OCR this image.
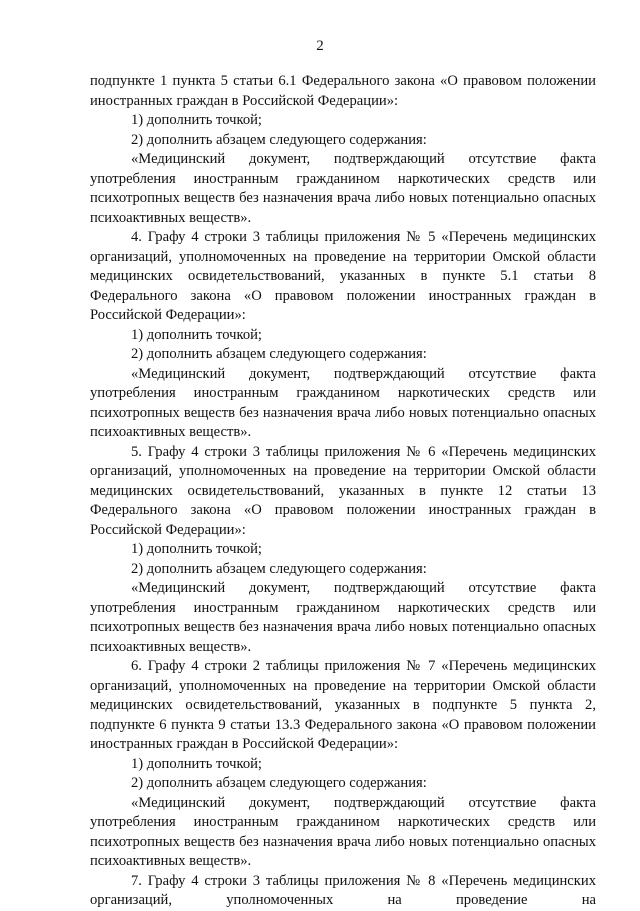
2

подпункте 1 пункта 5 статьи 6.1 Федерального закона «О правовом положении иностранных граждан в Российской Федерации»:

1) дополнить точкой;

2) дополнить абзацем следующего содержания:

«Медицинский документ, подтверждающий отсутствие факта употребления иностранным гражданином наркотических средств или психотропных веществ без назначения врача либо новых потенциально опасных психоактивных веществ».

4. Графу 4 строки 3 таблицы приложения № 5 «Перечень медицинских организаций, уполномоченных на проведение на территории Омской области медицинских освидетельствований, указанных в пункте 5.1 статьи 8 Федерального закона «О правовом положении иностранных граждан в Российской Федерации»:

1) дополнить точкой;

2) дополнить абзацем следующего содержания:

«Медицинский документ, подтверждающий отсутствие факта употребления иностранным гражданином наркотических средств или психотропных веществ без назначения врача либо новых потенциально опасных психоактивных веществ».

5. Графу 4 строки 3 таблицы приложения № 6 «Перечень медицинских организаций, уполномоченных на проведение на территории Омской области медицинских освидетельствований, указанных в пункте 12 статьи 13 Федерального закона «О правовом положении иностранных граждан в Российской Федерации»:

1) дополнить точкой;

2) дополнить абзацем следующего содержания:

«Медицинский документ, подтверждающий отсутствие факта употребления иностранным гражданином наркотических средств или психотропных веществ без назначения врача либо новых потенциально опасных психоактивных веществ».

6. Графу 4 строки 2 таблицы приложения № 7 «Перечень медицинских организаций, уполномоченных на проведение на территории Омской области медицинских освидетельствований, указанных в подпункте 5 пункта 2, подпункте 6 пункта 9 статьи 13.3 Федерального закона «О правовом положении иностранных граждан в Российской Федерации»:

1) дополнить точкой;

2) дополнить абзацем следующего содержания:

«Медицинский документ, подтверждающий отсутствие факта употребления иностранным гражданином наркотических средств или психотропных веществ без назначения врача либо новых потенциально опасных психоактивных веществ».

7. Графу 4 строки 3 таблицы приложения № 8 «Перечень медицинских организаций, уполномоченных на проведение на
